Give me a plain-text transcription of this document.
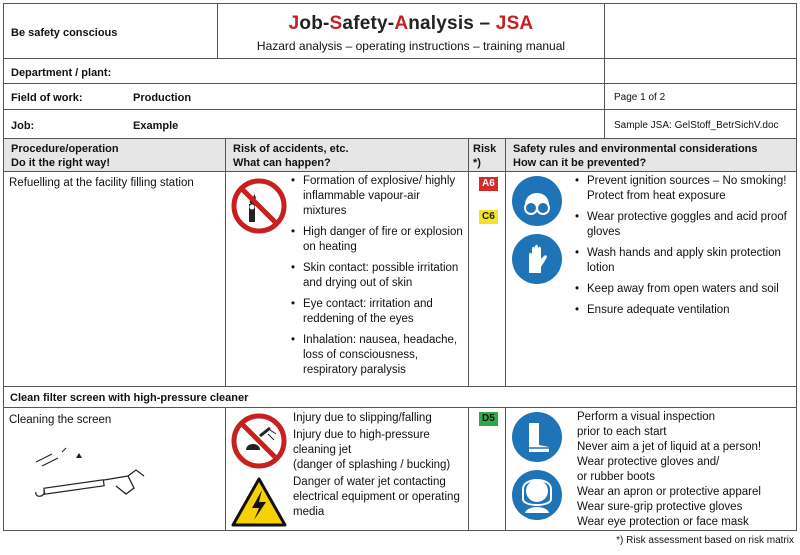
Be safety conscious	Job-Safety-Analysis – JSA
Hazard analysis – operating instructions – training manual
Department / plant:
Field of work:	Production	Page 1 of 2
Job:	Example	Sample JSA: GelStoff_BetrSichV.doc
Procedure/operation
Do it the right way!
Risk of accidents, etc.
What can happen?
Risk
*)
Safety rules and environmental considerations
How can it be prevented?
Refuelling at the facility filling station
•	Formation of explosive/ highly inflammable vapour-air mixtures
• High danger of fire or explosion on heating
• Skin contact: possible irritation and drying out of skin
• Eye contact: irritation and reddening of the eyes
• Inhalation: nausea, headache, loss of consciousness, respiratory paralysis
A6
C6
• Prevent ignition sources – No smoking! Protect from heat exposure
• Wear protective goggles and acid proof gloves
• Wash hands and apply skin protection lotion
• Keep away from open waters and soil
• Ensure adequate ventilation
Clean filter screen with high-pressure cleaner
Cleaning the screen	Injury due to slipping/falling
Injury due to high-pressure cleaning jet
(danger of splashing / bucking)
Danger of water jet contacting electrical equipment or operating media
D5	Perform a visual inspection
prior to each start
Never aim a jet of liquid at a person!
Wear protective gloves and/
or rubber boots
Wear an apron or protective apparel
Wear sure-grip protective gloves
Wear eye protection or face mask
*) Risk assessment based on risk matrix
